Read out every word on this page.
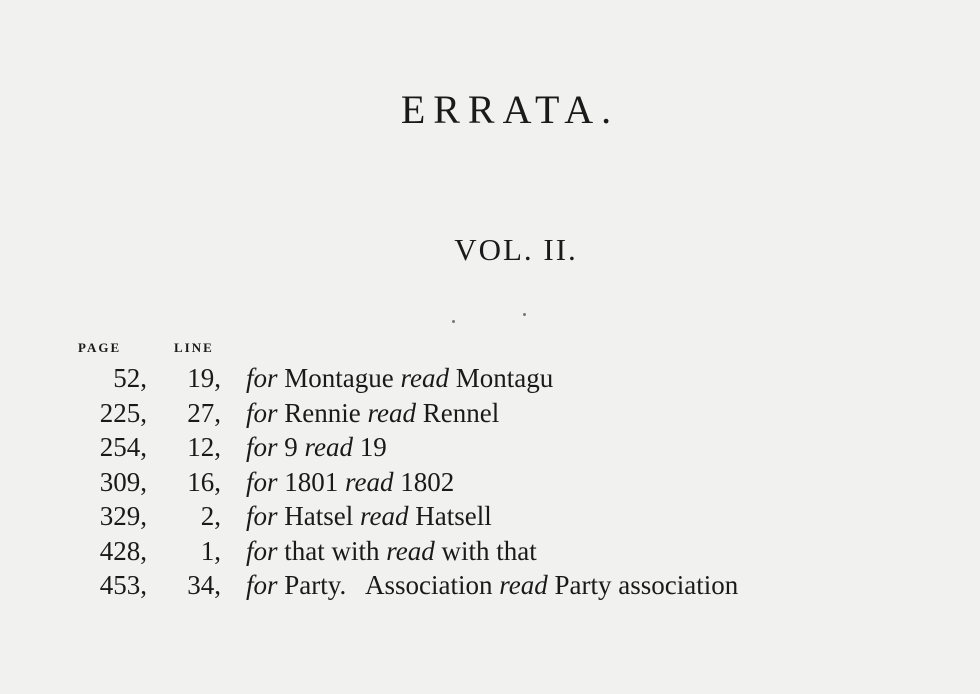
ERRATA.
VOL. II.
PAGE	LINE
52,	19, for Montague read Montagu
225,	27, for Rennie read Rennel
254,	12, for 9 read 19
309,	16, for 1801 read 1802
329,	2, for Hatsel read Hatsell
428,	1, for that with read with that
453,	34, for Party.   Association read Party association
